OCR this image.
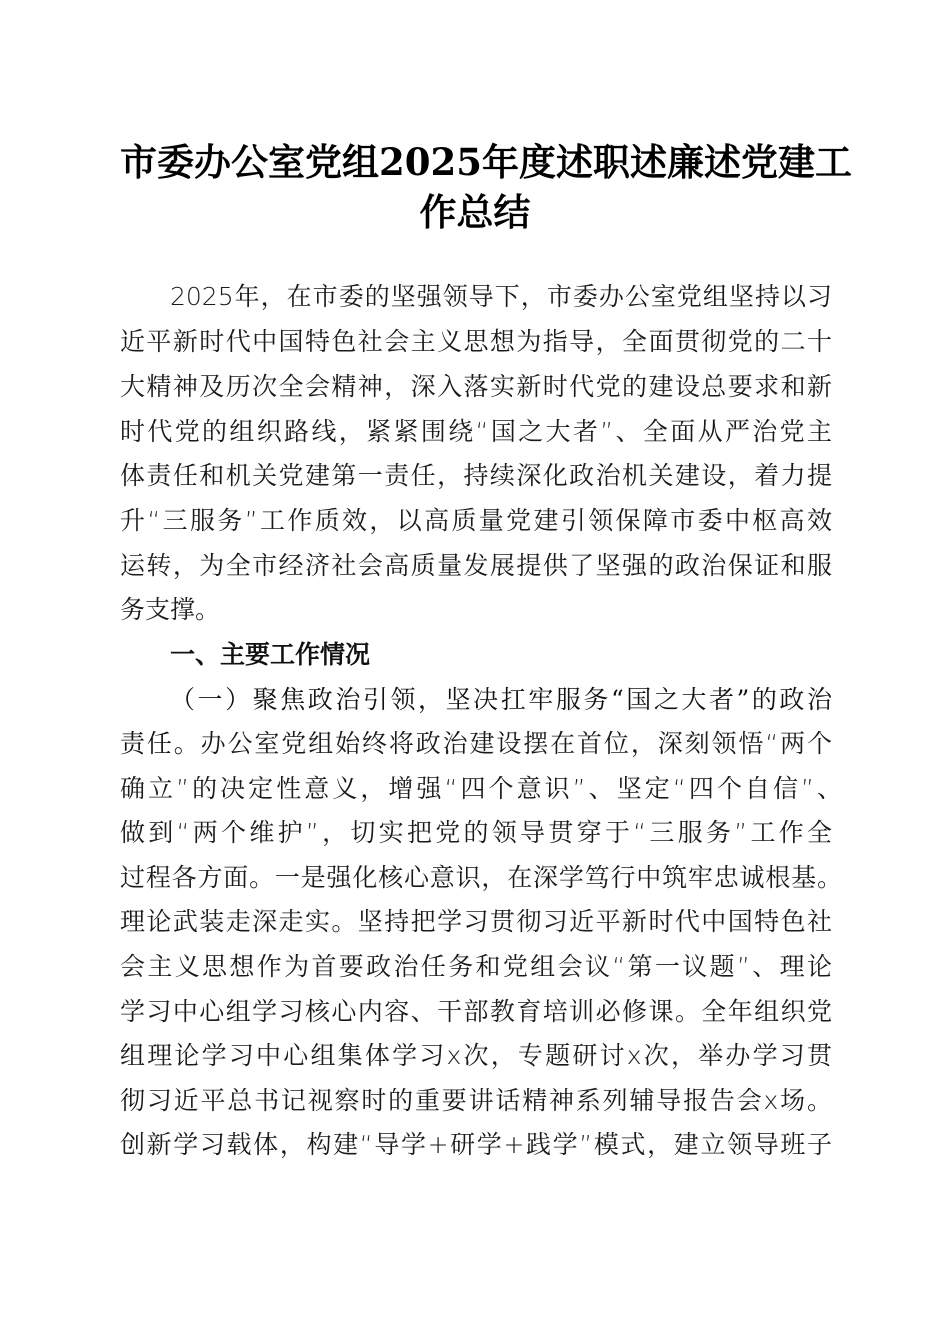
市委办公室党组2025年度述职述廉述党建工
作总结
2025年，在市委的坚强领导下，市委办公室党组坚持以习
近平新时代中国特色社会主义思想为指导，全面贯彻党的二十
大精神及历次全会精神，深入落实新时代党的建设总要求和新
时代党的组织路线，紧紧围绕“国之大者”、全面从严治党主
体责任和机关党建第一责任，持续深化政治机关建设，着力提
升“三服务”工作质效，以高质量党建引领保障市委中枢高效
运转，为全市经济社会高质量发展提供了坚强的政治保证和服
务支撑。
一、主要工作情况
（一）聚焦政治引领，坚决扛牢服务“国之大者”的政治
责任。办公室党组始终将政治建设摆在首位，深刻领悟“两个
确立”的决定性意义，增强“四个意识”、坚定“四个自信”、
做到“两个维护”，切实把党的领导贯穿于“三服务”工作全
过程各方面。一是强化核心意识，在深学笃行中筑牢忠诚根基。
理论武装走深走实。坚持把学习贯彻习近平新时代中国特色社
会主义思想作为首要政治任务和党组会议“第一议题”、理论
学习中心组学习核心内容、干部教育培训必修课。全年组织党
组理论学习中心组集体学习x次，专题研讨x次，举办学习贯
彻习近平总书记视察时的重要讲话精神系列辅导报告会x场。
创新学习载体，构建“导学+研学+践学”模式，建立领导班子
